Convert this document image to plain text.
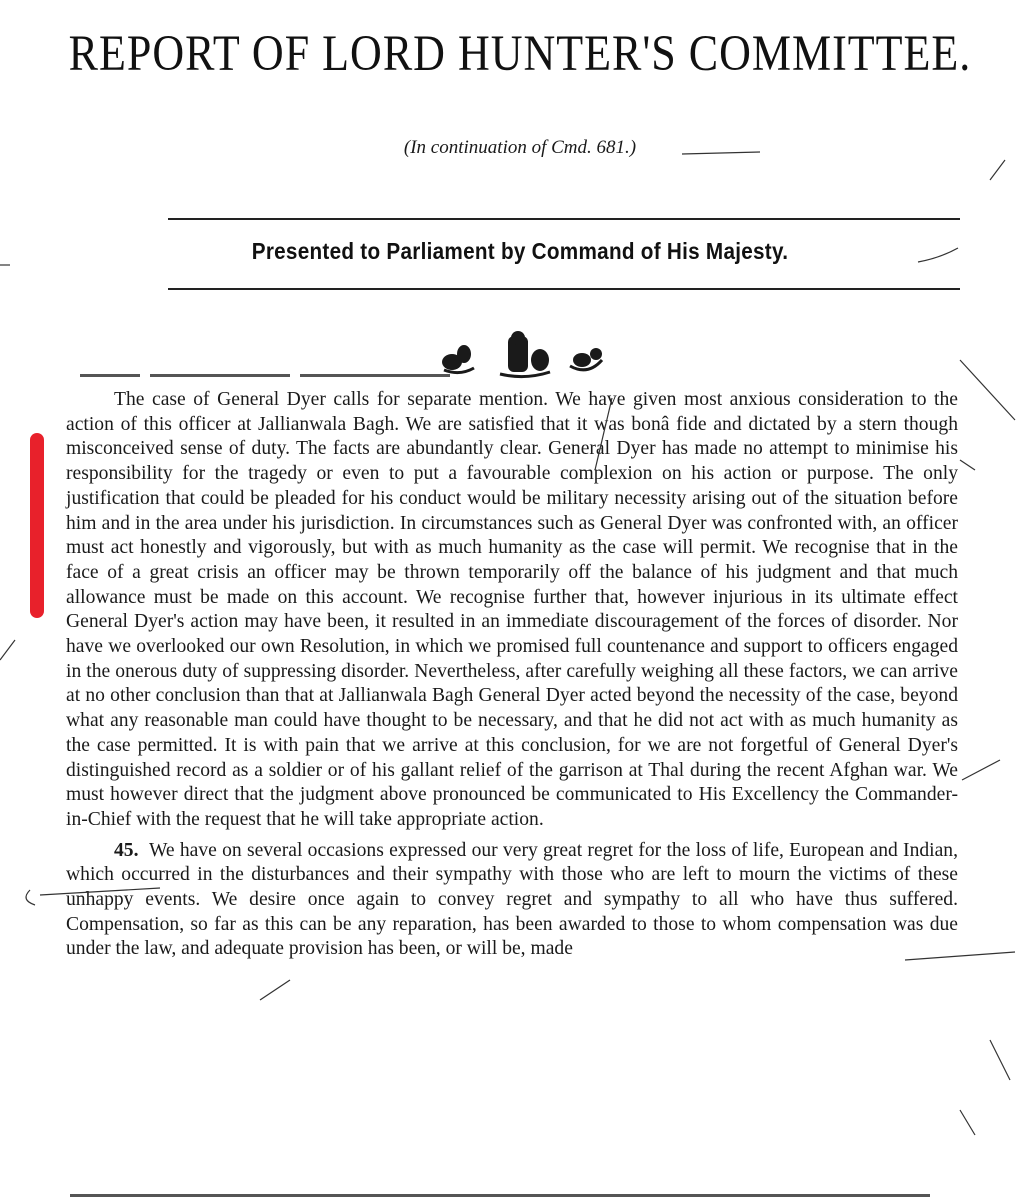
REPORT OF LORD HUNTER'S COMMITTEE.
(In continuation of Cmd. 681.)
Presented to Parliament by Command of His Majesty.

The case of General Dyer calls for separate mention. We have given most anxious consideration to the action of this officer at Jallianwala Bagh. We are satisfied that it was bonâ fide and dictated by a stern though misconceived sense of duty. The facts are abundantly clear. General Dyer has made no attempt to minimise his responsibility for the tragedy or even to put a favourable complexion on his action or purpose. The only justification that could be pleaded for his conduct would be military necessity arising out of the situation before him and in the area under his jurisdiction. In circumstances such as General Dyer was confronted with, an officer must act honestly and vigorously, but with as much humanity as the case will permit. We recognise that in the face of a great crisis an officer may be thrown temporarily off the balance of his judgment and that much allowance must be made on this account. We recognise further that, however injurious in its ultimate effect General Dyer's action may have been, it resulted in an immediate discouragement of the forces of disorder. Nor have we overlooked our own Resolution, in which we promised full countenance and support to officers engaged in the onerous duty of suppressing disorder. Nevertheless, after carefully weighing all these factors, we can arrive at no other conclusion than that at Jallianwala Bagh General Dyer acted beyond the necessity of the case, beyond what any reasonable man could have thought to be necessary, and that he did not act with as much humanity as the case permitted. It is with pain that we arrive at this conclusion, for we are not forgetful of General Dyer's distinguished record as a soldier or of his gallant relief of the garrison at Thal during the recent Afghan war. We must however direct that the judgment above pronounced be communicated to His Excellency the Commander-in-Chief with the request that he will take appropriate action.

45. We have on several occasions expressed our very great regret for the loss of life, European and Indian, which occurred in the disturbances and their sympathy with those who are left to mourn the victims of these unhappy events. We desire once again to convey regret and sympathy to all who have thus suffered. Compensation, so far as this can be any reparation, has been awarded to those to whom compensation was due under the law, and adequate provision has been, or will be, made
